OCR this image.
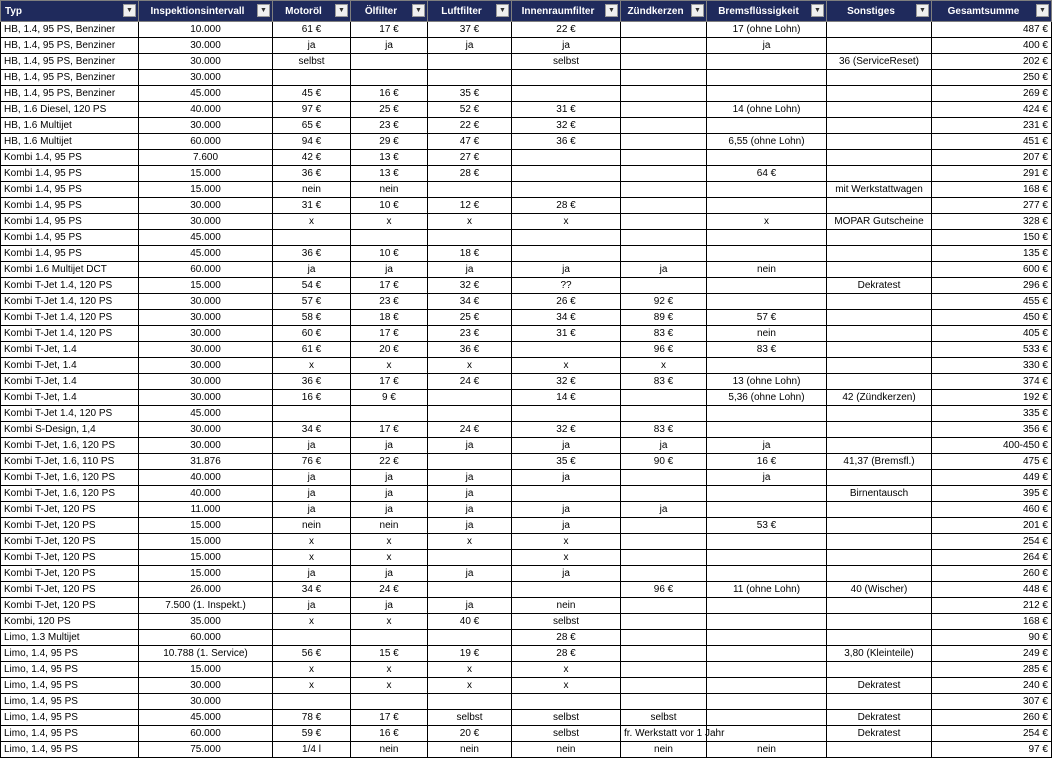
Typ ▼	Inspektionsintervall ▼	Motoröl ▼	Ölfilter ▼	Luftfilter ▼	Innenraumfilter ▼	Zündkerzen ▼	Bremsflüssigkeit ▼	Sonstiges ▼	Gesamtsumme ▼

HB, 1.4, 95 PS, Benziner	10.000	61 €	17 €	37 €	22 €		17 (ohne Lohn)		487 €
HB, 1.4, 95 PS, Benziner	30.000	ja	ja	ja	ja		ja		400 €
HB, 1.4, 95 PS, Benziner	30.000	selbst			selbst			36 (ServiceReset)	202 €
HB, 1.4, 95 PS, Benziner	30.000								250 €
HB, 1.4, 95 PS, Benziner	45.000	45 €	16 €	35 €					269 €
HB, 1.6 Diesel, 120 PS	40.000	97 €	25 €	52 €	31 €		14 (ohne Lohn)		424 €
HB, 1.6 Multijet	30.000	65 €	23 €	22 €	32 €				231 €
HB, 1.6 Multijet	60.000	94 €	29 €	47 €	36 €		6,55 (ohne Lohn)		451 €
Kombi 1.4, 95 PS	7.600	42 €	13 €	27 €					207 €
Kombi 1.4, 95 PS	15.000	36 €	13 €	28 €			64 €		291 €
Kombi 1.4, 95 PS	15.000	nein	nein					mit Werkstattwagen	168 €
Kombi 1.4, 95 PS	30.000	31 €	10 €	12 €	28 €				277 €
Kombi 1.4, 95 PS	30.000	x	x	x	x		x	MOPAR Gutscheine	328 €
Kombi 1.4, 95 PS	45.000								150 €
Kombi 1.4, 95 PS	45.000	36 €	10 €	18 €					135 €
Kombi 1.6 Multijet DCT	60.000	ja	ja	ja	ja	ja	nein		600 €
Kombi T-Jet 1.4, 120 PS	15.000	54 €	17 €	32 €	??			Dekratest	296 €
Kombi T-Jet 1.4, 120 PS	30.000	57 €	23 €	34 €	26 €	92 €			455 €
Kombi T-Jet 1.4, 120 PS	30.000	58 €	18 €	25 €	34 €	89 €	57 €		450 €
Kombi T-Jet 1.4, 120 PS	30.000	60 €	17 €	23 €	31 €	83 €	nein		405 €
Kombi T-Jet, 1.4	30.000	61 €	20 €	36 €		96 €	83 €		533 €
Kombi T-Jet, 1.4	30.000	x	x	x	x	x			330 €
Kombi T-Jet, 1.4	30.000	36 €	17 €	24 €	32 €	83 €	13 (ohne Lohn)		374 €
Kombi T-Jet, 1.4	30.000	16 €	9 €		14 €		5,36 (ohne Lohn)	42 (Zündkerzen)	192 €
Kombi T-Jet 1.4, 120 PS	45.000								335 €
Kombi S-Design, 1,4	30.000	34 €	17 €	24 €	32 €	83 €			356 €
Kombi T-Jet, 1.6, 120 PS	30.000	ja	ja	ja	ja	ja	ja		400-450 €
Kombi T-Jet, 1.6, 110 PS	31.876	76 €	22 €		35 €	90 €	16 €	41,37 (Bremsfl.)	475 €
Kombi T-Jet, 1.6, 120 PS	40.000	ja	ja	ja	ja		ja		449 €
Kombi T-Jet, 1.6, 120 PS	40.000	ja	ja	ja				Birnentausch	395 €
Kombi T-Jet, 120 PS	11.000	ja	ja	ja	ja	ja			460 €
Kombi T-Jet, 120 PS	15.000	nein	nein	ja	ja		53 €		201 €
Kombi T-Jet, 120 PS	15.000	x	x	x	x				254 €
Kombi T-Jet, 120 PS	15.000	x	x		x				264 €
Kombi T-Jet, 120 PS	15.000	ja	ja	ja	ja				260 €
Kombi T-Jet, 120 PS	26.000	34 €	24 €			96 €	11 (ohne Lohn)	40 (Wischer)	448 €
Kombi T-Jet, 120 PS	7.500 (1. Inspekt.)	ja	ja	ja	nein				212 €
Kombi, 120 PS	35.000	x	x	40 €	selbst				168 €
Limo, 1.3 Multijet	60.000				28 €				90 €
Limo, 1.4, 95 PS	10.788 (1. Service)	56 €	15 €	19 €	28 €			3,80 (Kleinteile)	249 €
Limo, 1.4, 95 PS	15.000	x	x	x	x				285 €
Limo, 1.4, 95 PS	30.000	x	x	x	x			Dekratest	240 €
Limo, 1.4, 95 PS	30.000								307 €
Limo, 1.4, 95 PS	45.000	78 €	17 €	selbst	selbst	selbst		Dekratest	260 €
Limo, 1.4, 95 PS	60.000	59 €	16 €	20 €	selbst	fr. Werkstatt vor 1 Jahr		Dekratest	254 €
Limo, 1.4, 95 PS	75.000	1/4 l	nein	nein	nein	nein	nein		97 €
